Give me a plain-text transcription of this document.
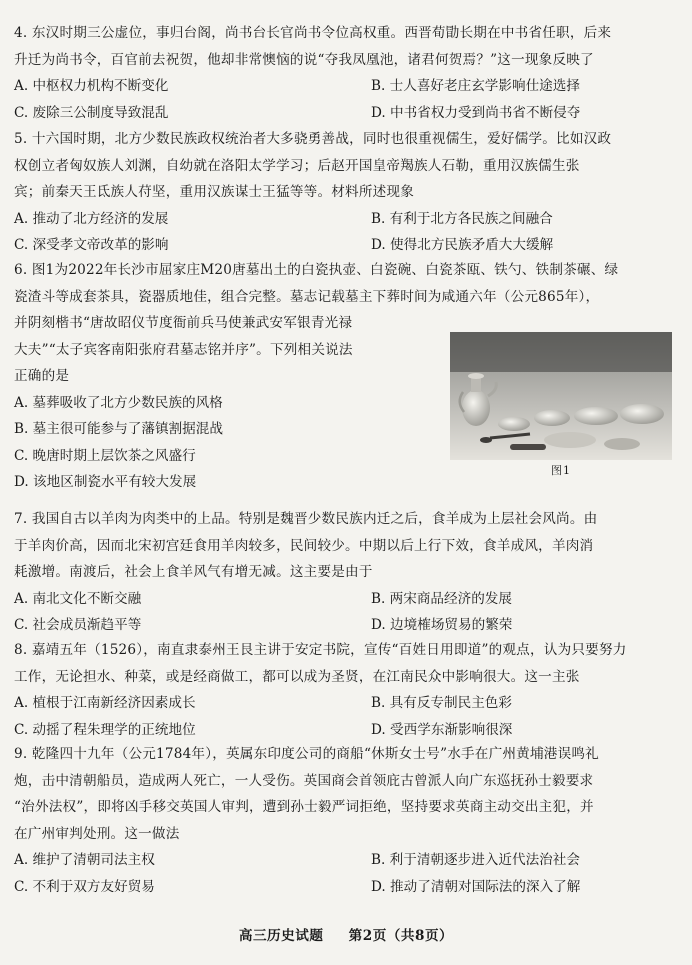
4. 东汉时期三公虚位，事归台阁，尚书台长官尚书令位高权重。西晋荀勖长期在中书省任职，后来
升迁为尚书令，百官前去祝贺，他却非常懊恼的说“夺我凤凰池，诸君何贺焉？”这一现象反映了
A. 中枢权力机构不断变化	B. 士人喜好老庄玄学影响仕途选择
C. 废除三公制度导致混乱	D. 中书省权力受到尚书省不断侵夺
5. 十六国时期，北方少数民族政权统治者大多骁勇善战，同时也很重视儒生，爱好儒学。比如汉政
权创立者匈奴族人刘渊，自幼就在洛阳太学学习；后赵开国皇帝羯族人石勒，重用汉族儒生张
宾；前秦天王氐族人苻坚，重用汉族谋士王猛等等。材料所述现象
A. 推动了北方经济的发展	B. 有利于北方各民族之间融合
C. 深受孝文帝改革的影响	D. 使得北方民族矛盾大大缓解
6. 图1为2022年长沙市屈家庄M20唐墓出土的白瓷执壶、白瓷碗、白瓷茶瓯、铁勺、铁制茶碾、绿
瓷渣斗等成套茶具，瓷器质地佳，组合完整。墓志记载墓主下葬时间为咸通六年（公元865年），
并阴刻楷书“唐故昭仪节度衙前兵马使兼武安军银青光禄
大夫”“太子宾客南阳张府君墓志铭并序”。下列相关说法
正确的是
A. 墓葬吸收了北方少数民族的风格
B. 墓主很可能参与了藩镇割据混战
C. 晚唐时期上层饮茶之风盛行
D. 该地区制瓷水平有较大发展
图1
7. 我国自古以羊肉为肉类中的上品。特别是魏晋少数民族内迁之后，食羊成为上层社会风尚。由
于羊肉价高，因而北宋初宫廷食用羊肉较多，民间较少。中期以后上行下效，食羊成风，羊肉消
耗激增。南渡后，社会上食羊风气有增无减。这主要是由于
A. 南北文化不断交融	B. 两宋商品经济的发展
C. 社会成员渐趋平等	D. 边境榷场贸易的繁荣
8. 嘉靖五年（1526），南直隶泰州王艮主讲于安定书院，宣传“百姓日用即道”的观点，认为只要努力
工作，无论担水、种菜，或是经商做工，都可以成为圣贤，在江南民众中影响很大。这一主张
A. 植根于江南新经济因素成长	B. 具有反专制民主色彩
C. 动摇了程朱理学的正统地位	D. 受西学东渐影响很深
9. 乾隆四十九年（公元1784年），英属东印度公司的商船“休斯女士号”水手在广州黄埔港误鸣礼
炮，击中清朝船员，造成两人死亡，一人受伤。英国商会首领庇古曾派人向广东巡抚孙士毅要求
“治外法权”，即将凶手移交英国人审判，遭到孙士毅严词拒绝，坚持要求英商主动交出主犯，并
在广州审判处刑。这一做法
A. 维护了清朝司法主权	B. 利于清朝逐步进入近代法治社会
C. 不利于双方友好贸易	D. 推动了清朝对国际法的深入了解
高三历史试题 第2页（共8页）
